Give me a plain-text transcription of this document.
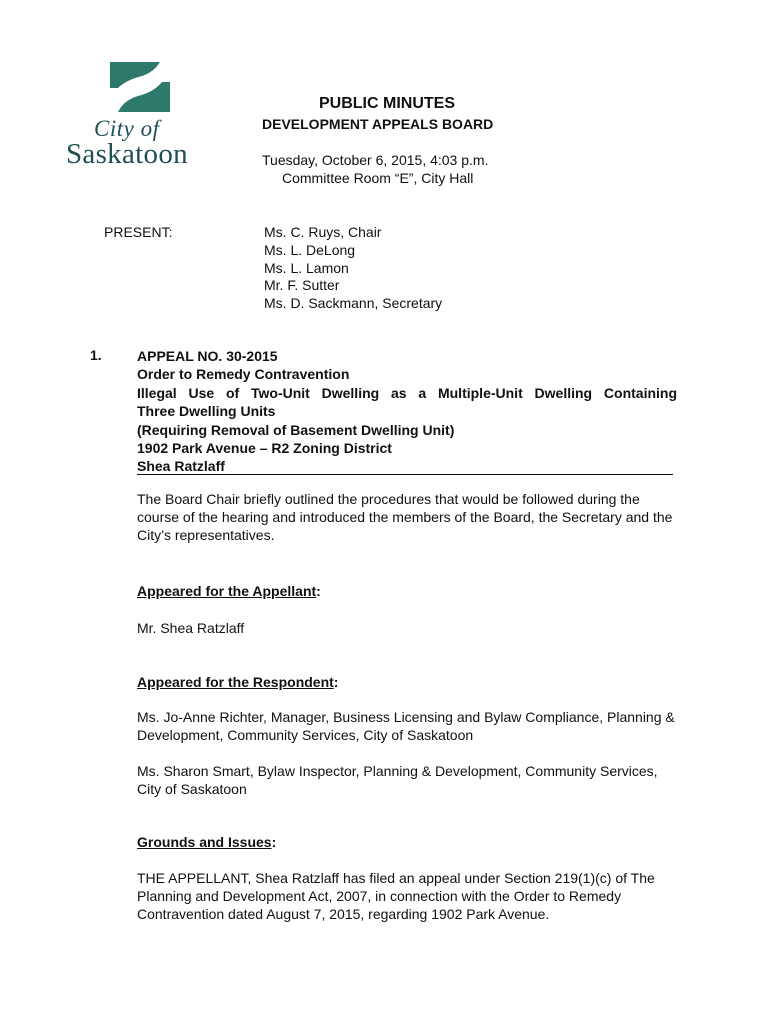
City of
Saskatoon
PUBLIC MINUTES
DEVELOPMENT APPEALS BOARD
Tuesday, October 6, 2015, 4:03 p.m.
Committee Room “E”, City Hall
PRESENT:	Ms. C. Ruys, Chair
Ms. L. DeLong
Ms. L. Lamon
Mr. F. Sutter
Ms. D. Sackmann, Secretary
1.	APPEAL NO. 30-2015
Order to Remedy Contravention
Illegal Use of Two-Unit Dwelling as a Multiple-Unit Dwelling Containing
Three Dwelling Units
(Requiring Removal of Basement Dwelling Unit)
1902 Park Avenue – R2 Zoning District
Shea Ratzlaff

The Board Chair briefly outlined the procedures that would be followed during the course of the hearing and introduced the members of the Board, the Secretary and the City’s representatives.

Appeared for the Appellant:

Mr. Shea Ratzlaff

Appeared for the Respondent:

Ms. Jo-Anne Richter, Manager, Business Licensing and Bylaw Compliance, Planning & Development, Community Services, City of Saskatoon

Ms. Sharon Smart, Bylaw Inspector, Planning & Development, Community Services, City of Saskatoon

Grounds and Issues:

THE APPELLANT, Shea Ratzlaff has filed an appeal under Section 219(1)(c) of The Planning and Development Act, 2007, in connection with the Order to Remedy Contravention dated August 7, 2015, regarding 1902 Park Avenue.
